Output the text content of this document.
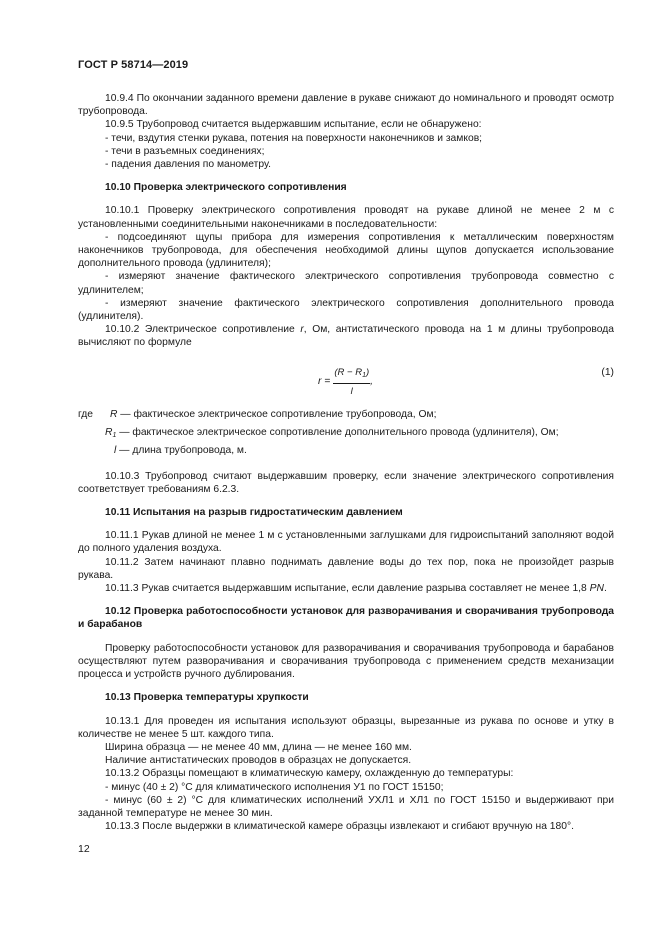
ГОСТ Р 58714—2019

10.9.4 По окончании заданного времени давление в рукаве снижают до номинального и проводят осмотр трубопровода.

10.9.5 Трубопровод считается выдержавшим испытание, если не обнаружено:

- течи, вздутия стенки рукава, потения на поверхности наконечников и замков;

- течи в разъемных соединениях;

- падения давления по манометру.

10.10 Проверка электрического сопротивления

10.10.1 Проверку электрического сопротивления проводят на рукаве длиной не менее 2 м с установленными соединительными наконечниками в последовательности:

- подсоединяют щупы прибора для измерения сопротивления к металлическим поверхностям наконечников трубопровода, для обеспечения необходимой длины щупов допускается использование дополнительного провода (удлинителя);

- измеряют значение фактического электрического сопротивления трубопровода совместно с удлинителем;

- измеряют значение фактического электрического сопротивления дополнительного провода (удлинителя).

10.10.2 Электрическое сопротивление r, Ом, антистатического провода на 1 м длины трубопровода вычисляют по формуле

$r = \frac{(R - R_1)}{l}$ ,
(1)
где R — фактическое электрическое сопротивление трубопровода, Ом;
$R_1$ — фактическое электрическое сопротивление дополнительного провода (удлинителя), Ом;
l — длина трубопровода, м.

10.10.3 Трубопровод считают выдержавшим проверку, если значение электрического сопротивления соответствует требованиям 6.2.3.

10.11 Испытания на разрыв гидростатическим давлением

10.11.1 Рукав длиной не менее 1 м с установленными заглушками для гидроиспытаний заполняют водой до полного удаления воздуха.

10.11.2 Затем начинают плавно поднимать давление воды до тех пор, пока не произойдет разрыв рукава.

10.11.3 Рукав считается выдержавшим испытание, если давление разрыва составляет не менее 1,8 PN.

10.12 Проверка работоспособности установок для разворачивания и сворачивания трубопровода и барабанов

Проверку работоспособности установок для разворачивания и сворачивания трубопровода и барабанов осуществляют путем разворачивания и сворачивания трубопровода с применением средств механизации процесса и устройств ручного дублирования.

10.13 Проверка температуры хрупкости

10.13.1 Для проведен ия испытания используют образцы, вырезанные из рукава по основе и утку в количестве не менее 5 шт. каждого типа.

Ширина образца — не менее 40 мм, длина — не менее 160 мм.

Наличие антистатических проводов в образцах не допускается.

10.13.2 Образцы помещают в климатическую камеру, охлажденную до температуры:

- минус (40 ± 2) °С для климатического исполнения У1 по ГОСТ 15150;

- минус (60 ± 2) °С для климатических исполнений УХЛ1 и ХЛ1 по ГОСТ 15150 и выдерживают при заданной температуре не менее 30 мин.

10.13.3 После выдержки в климатической камере образцы извлекают и сгибают вручную на 180°.

12
